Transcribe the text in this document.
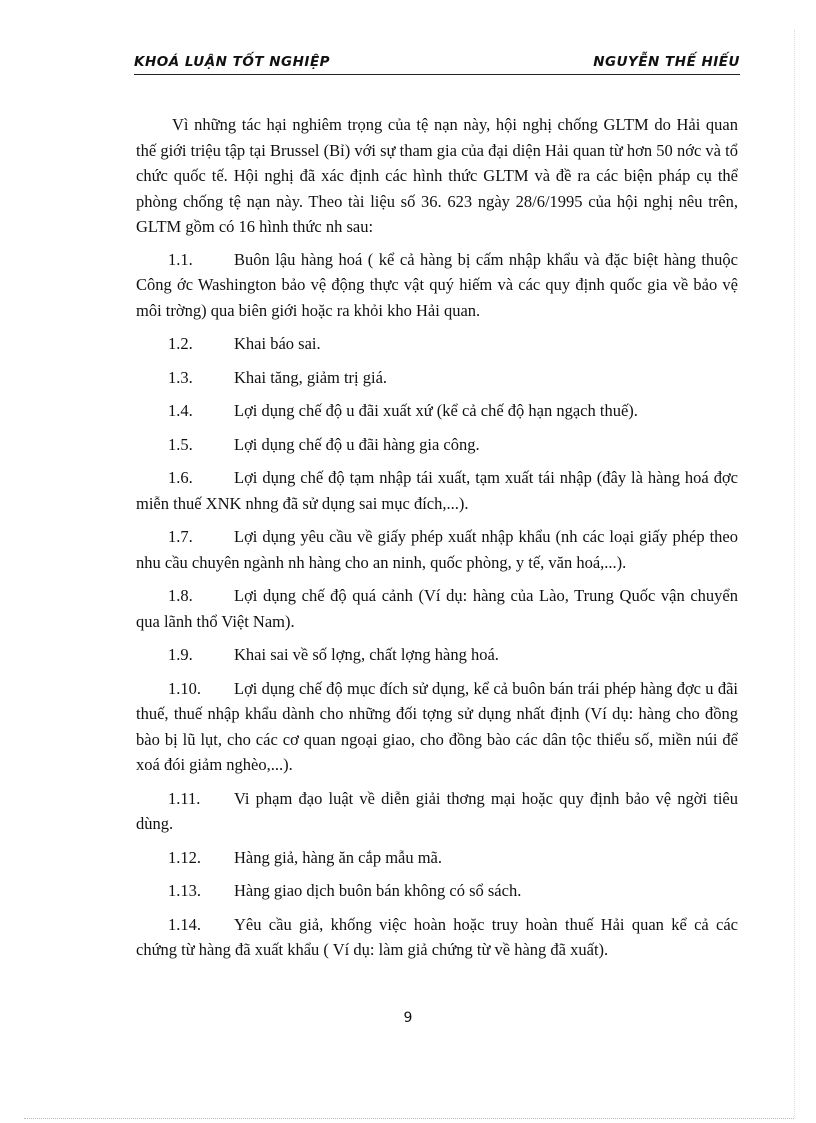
KHOÁ LUẬN TỐT NGHIỆP	NGUYỄN THẾ HIẾU

Vì những tác hại nghiêm trọng của tệ nạn này, hội nghị chống GLTM do Hải quan thế giới triệu tập tại Brussel (Bỉ) với sự tham gia của đại diện Hải quan từ hơn 50 nớc và tổ chức quốc tế. Hội nghị đã xác định các hình thức GLTM và đề ra các biện pháp cụ thể phòng chống tệ nạn này. Theo tài liệu số 36. 623 ngày 28/6/1995 của hội nghị nêu trên, GLTM gồm có 16 hình thức nh sau:

1.1.	Buôn lậu hàng hoá ( kể cả hàng bị cấm nhập khẩu và đặc biệt hàng thuộc Công ớc Washington bảo vệ động thực vật quý hiếm và các quy định quốc gia về bảo vệ môi trờng) qua biên giới hoặc ra khỏi kho Hải quan.

1.2.	Khai báo sai.

1.3.	Khai tăng, giảm trị giá.

1.4.	Lợi dụng chế độ u đãi xuất xứ (kể cả chế độ hạn ngạch thuế).

1.5.	Lợi dụng chế độ u đãi hàng gia công.

1.6.	Lợi dụng chế độ tạm nhập tái xuất, tạm xuất tái nhập (đây là hàng hoá đợc miễn thuế XNK nhng đã sử dụng sai mục đích,...).

1.7.	Lợi dụng yêu cầu về giấy phép xuất nhập khẩu (nh các loại giấy phép theo nhu cầu chuyên ngành nh hàng cho an ninh, quốc phòng, y tế, văn hoá,...).

1.8.	Lợi dụng chế độ quá cảnh (Ví dụ: hàng của Lào, Trung Quốc vận chuyển qua lãnh thổ Việt Nam).

1.9.	Khai sai về số lợng, chất lợng hàng hoá.

1.10. Lợi dụng chế độ mục đích sử dụng, kể cả buôn bán trái phép hàng đợc u đãi thuế, thuế nhập khẩu dành cho những đối tợng sử dụng nhất định (Ví dụ: hàng cho đồng bào bị lũ lụt, cho các cơ quan ngoại giao, cho đồng bào các dân tộc thiểu số, miền núi để xoá đói giảm nghèo,...).

1.11. Vi phạm đạo luật về diễn giải thơng mại hoặc quy định bảo vệ ngời tiêu dùng.

1.12. Hàng giả, hàng ăn cắp mẫu mã.

1.13. Hàng giao dịch buôn bán không có sổ sách.

1.14. Yêu cầu giả, khống việc hoàn hoặc truy hoàn thuế Hải quan kể cả các chứng từ hàng đã xuất khẩu ( Ví dụ: làm giả chứng từ về hàng đã xuất).

9
